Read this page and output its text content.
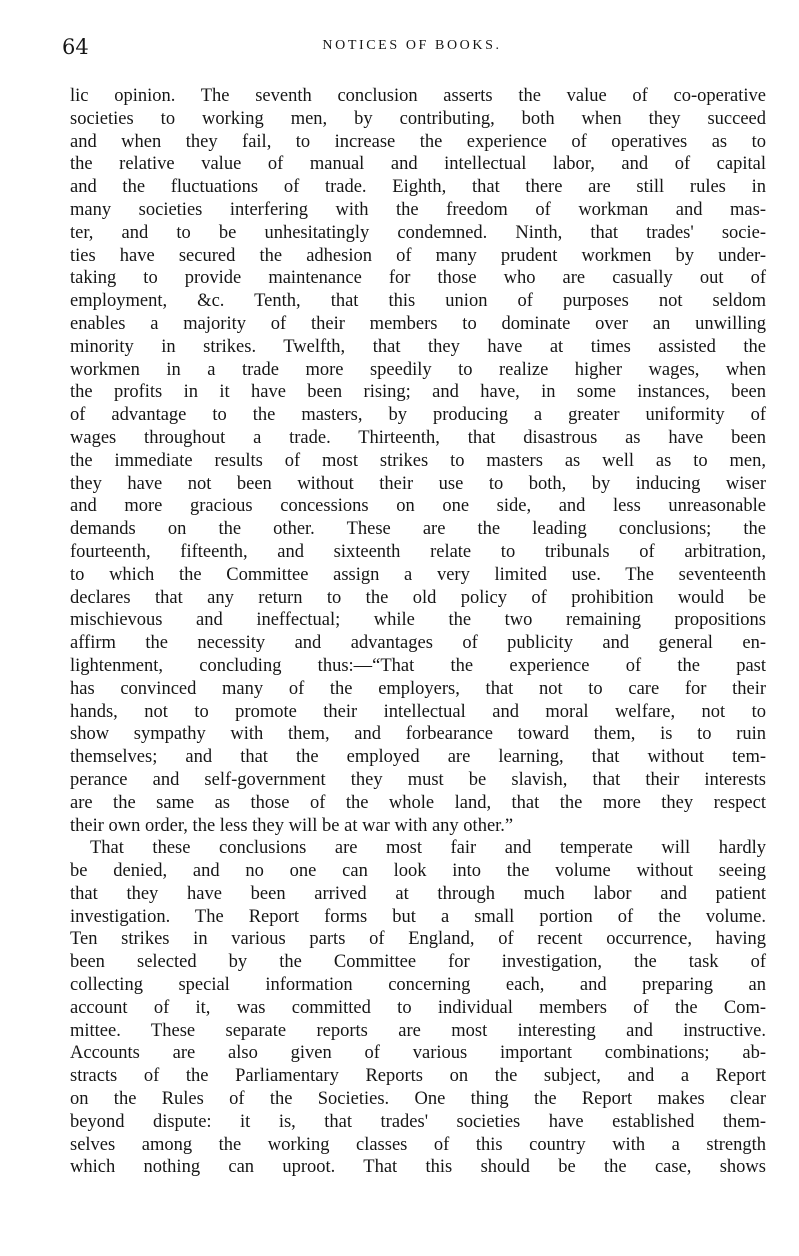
64	NOTICES OF BOOKS.
lic opinion. The seventh conclusion asserts the value of co-operative
societies to working men, by contributing, both when they succeed
and when they fail, to increase the experience of operatives as to
the relative value of manual and intellectual labor, and of capital
and the fluctuations of trade. Eighth, that there are still rules in
many societies interfering with the freedom of workman and mas-
ter, and to be unhesitatingly condemned. Ninth, that trades' socie-
ties have secured the adhesion of many prudent workmen by under-
taking to provide maintenance for those who are casually out of
employment, &c. Tenth, that this union of purposes not seldom
enables a majority of their members to dominate over an unwilling
minority in strikes. Twelfth, that they have at times assisted the
workmen in a trade more speedily to realize higher wages, when
the profits in it have been rising; and have, in some instances, been
of advantage to the masters, by producing a greater uniformity of
wages throughout a trade. Thirteenth, that disastrous as have been
the immediate results of most strikes to masters as well as to men,
they have not been without their use to both, by inducing wiser
and more gracious concessions on one side, and less unreasonable
demands on the other. These are the leading conclusions; the
fourteenth, fifteenth, and sixteenth relate to tribunals of arbitration,
to which the Committee assign a very limited use. The seventeenth
declares that any return to the old policy of prohibition would be
mischievous and ineffectual; while the two remaining propositions
affirm the necessity and advantages of publicity and general en-
lightenment, concluding thus:—“That the experience of the past
has convinced many of the employers, that not to care for their
hands, not to promote their intellectual and moral welfare, not to
show sympathy with them, and forbearance toward them, is to ruin
themselves; and that the employed are learning, that without tem-
perance and self-government they must be slavish, that their interests
are the same as those of the whole land, that the more they respect
their own order, the less they will be at war with any other.”
That these conclusions are most fair and temperate will hardly
be denied, and no one can look into the volume without seeing
that they have been arrived at through much labor and patient
investigation. The Report forms but a small portion of the volume.
Ten strikes in various parts of England, of recent occurrence, having
been selected by the Committee for investigation, the task of
collecting special information concerning each, and preparing an
account of it, was committed to individual members of the Com-
mittee. These separate reports are most interesting and instructive.
Accounts are also given of various important combinations; ab-
stracts of the Parliamentary Reports on the subject, and a Report
on the Rules of the Societies. One thing the Report makes clear
beyond dispute: it is, that trades' societies have established them-
selves among the working classes of this country with a strength
which nothing can uproot. That this should be the case, shows
